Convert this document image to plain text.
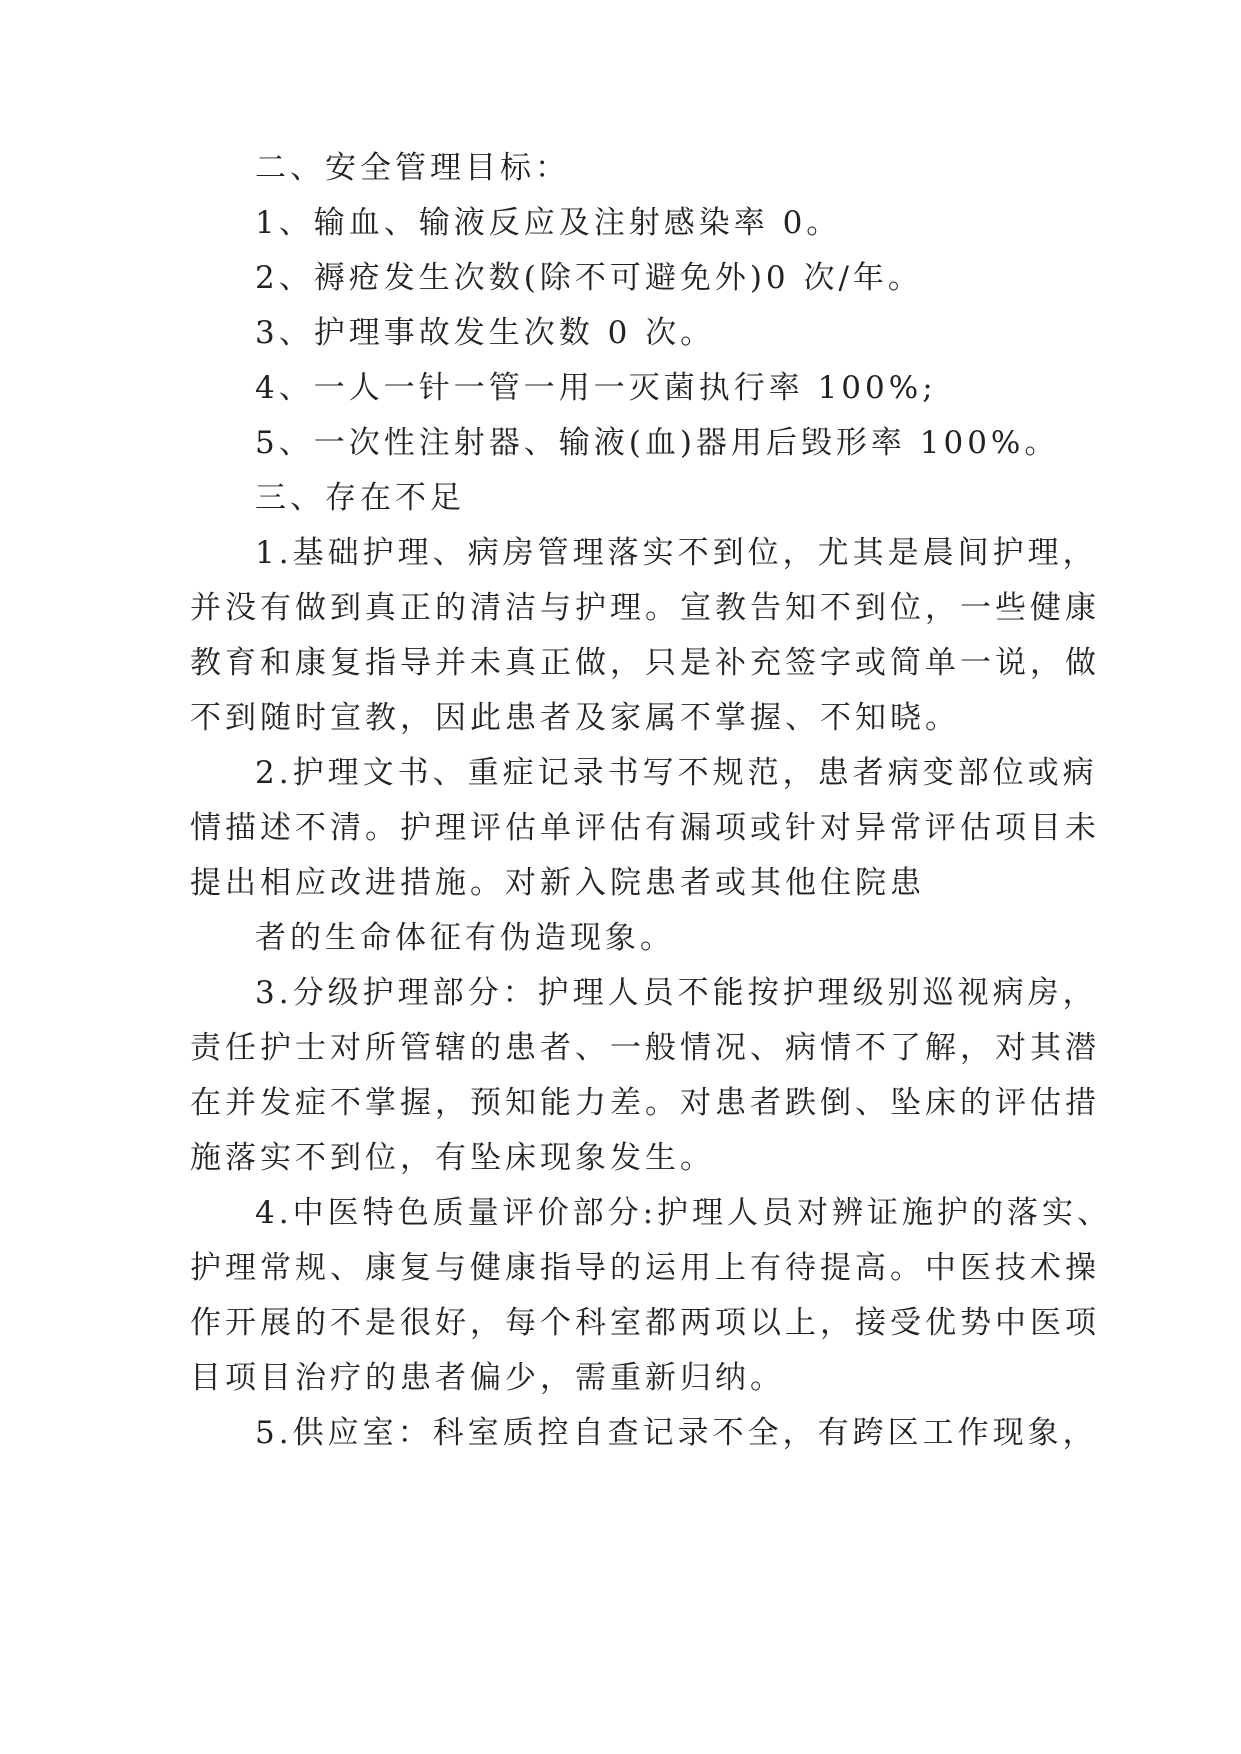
二、安全管理目标：
1、输血、输液反应及注射感染率 0。
2、褥疮发生次数(除不可避免外)0 次/年。
3、护理事故发生次数 0 次。
4、一人一针一管一用一灭菌执行率 100%;
5、一次性注射器、输液(血)器用后毁形率 100%。
三、存在不足
1.基础护理、病房管理落实不到位，尤其是晨间护理，
并没有做到真正的清洁与护理。宣教告知不到位，一些健康
教育和康复指导并未真正做，只是补充签字或简单一说，做
不到随时宣教，因此患者及家属不掌握、不知晓。
2.护理文书、重症记录书写不规范，患者病变部位或病
情描述不清。护理评估单评估有漏项或针对异常评估项目未
提出相应改进措施。对新入院患者或其他住院患
者的生命体征有伪造现象。
3.分级护理部分：护理人员不能按护理级别巡视病房，
责任护士对所管辖的患者、一般情况、病情不了解，对其潜
在并发症不掌握，预知能力差。对患者跌倒、坠床的评估措
施落实不到位，有坠床现象发生。
4.中医特色质量评价部分:护理人员对辨证施护的落实、
护理常规、康复与健康指导的运用上有待提高。中医技术操
作开展的不是很好，每个科室都两项以上，接受优势中医项
目项目治疗的患者偏少，需重新归纳。
5.供应室：科室质控自查记录不全，有跨区工作现象，
